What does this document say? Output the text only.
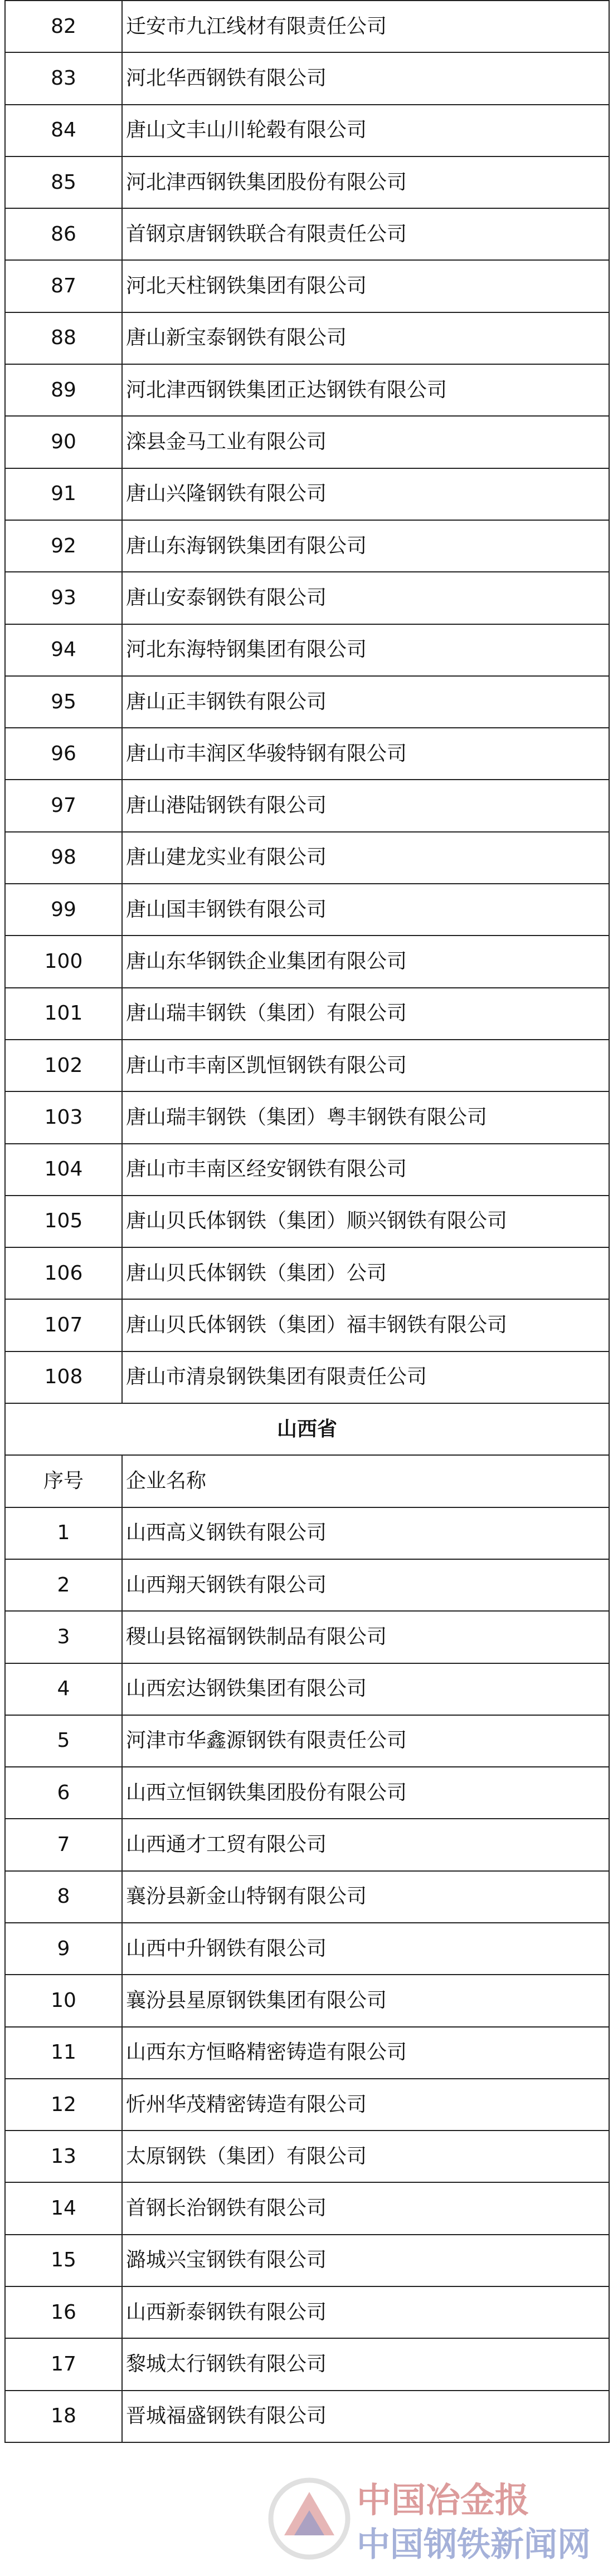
82	迁安市九江线材有限责任公司
83	河北华西钢铁有限公司
84	唐山文丰山川轮毂有限公司
85	河北津西钢铁集团股份有限公司
86	首钢京唐钢铁联合有限责任公司
87	河北天柱钢铁集团有限公司
88	唐山新宝泰钢铁有限公司
89	河北津西钢铁集团正达钢铁有限公司
90	滦县金马工业有限公司
91	唐山兴隆钢铁有限公司
92	唐山东海钢铁集团有限公司
93	唐山安泰钢铁有限公司
94	河北东海特钢集团有限公司
95	唐山正丰钢铁有限公司
96	唐山市丰润区华骏特钢有限公司
97	唐山港陆钢铁有限公司
98	唐山建龙实业有限公司
99	唐山国丰钢铁有限公司
100	唐山东华钢铁企业集团有限公司
101	唐山瑞丰钢铁（集团）有限公司
102	唐山市丰南区凯恒钢铁有限公司
103	唐山瑞丰钢铁（集团）粤丰钢铁有限公司
104	唐山市丰南区经安钢铁有限公司
105	唐山贝氏体钢铁（集团）顺兴钢铁有限公司
106	唐山贝氏体钢铁（集团）公司
107	唐山贝氏体钢铁（集团）福丰钢铁有限公司
108	唐山市清泉钢铁集团有限责任公司
山西省	
序号	企业名称
1	山西高义钢铁有限公司
2	山西翔天钢铁有限公司
3	稷山县铭福钢铁制品有限公司
4	山西宏达钢铁集团有限公司
5	河津市华鑫源钢铁有限责任公司
6	山西立恒钢铁集团股份有限公司
7	山西通才工贸有限公司
8	襄汾县新金山特钢有限公司
9	山西中升钢铁有限公司
10	襄汾县星原钢铁集团有限公司
11	山西东方恒略精密铸造有限公司
12	忻州华茂精密铸造有限公司
13	太原钢铁（集团）有限公司
14	首钢长治钢铁有限公司
15	潞城兴宝钢铁有限公司
16	山西新泰钢铁有限公司
17	黎城太行钢铁有限公司
18	晋城福盛钢铁有限公司
中国冶金报
中国钢铁新闻网
